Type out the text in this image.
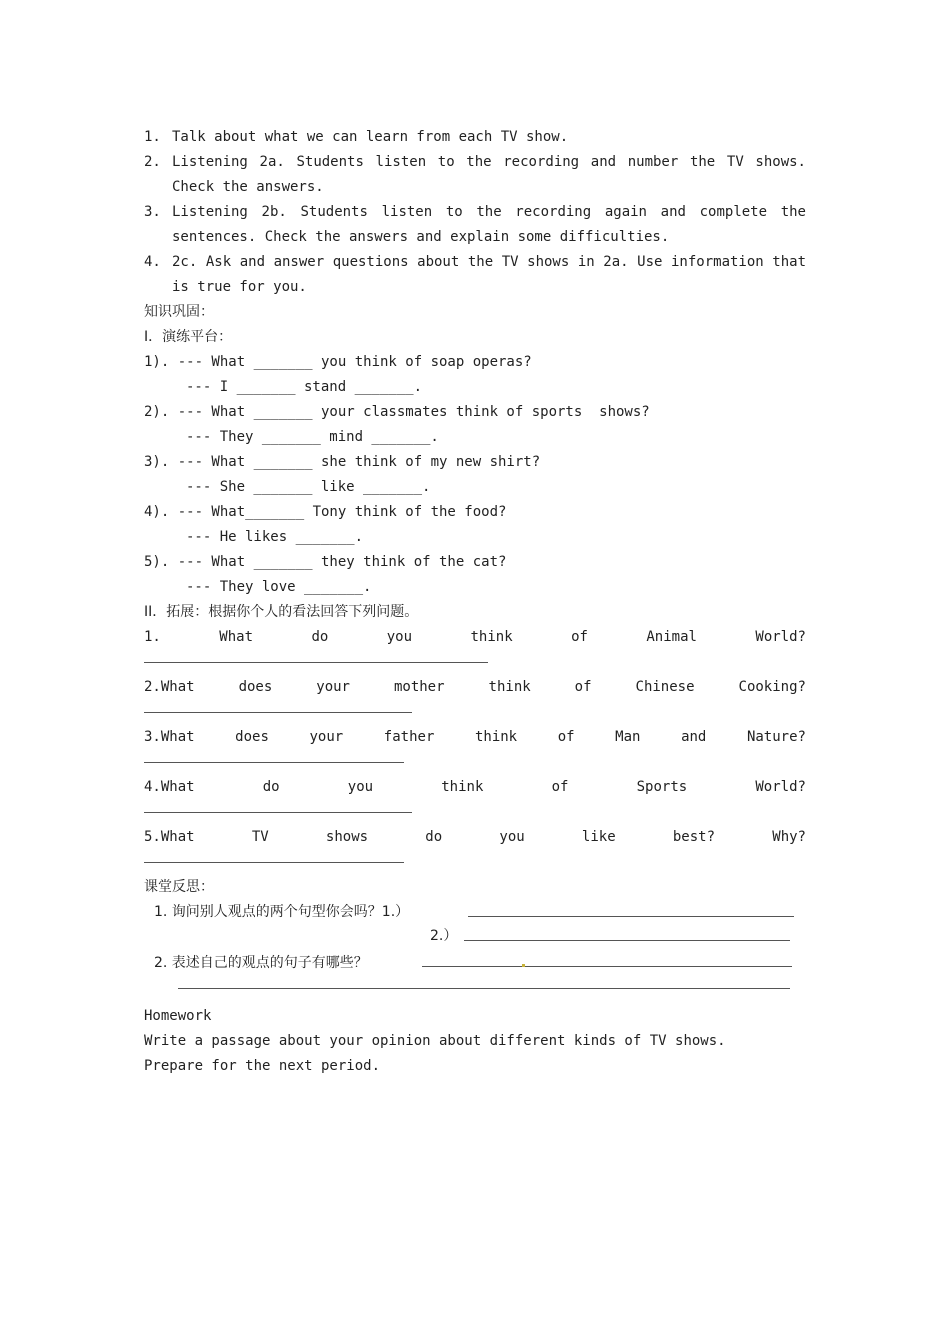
1. Talk about what we can learn from each TV show.
2. Listening 2a. Students listen to the recording and number the TV shows.
Check the answers.
3. Listening 2b. Students listen to the recording again and complete the
sentences. Check the answers and explain some difficulties.
4. 2c. Ask and answer questions about the TV shows in 2a. Use information that
is true for you.
知识巩固：
I．演练平台：
1). --- What _______ you think of soap operas?
--- I _______ stand _______.
2). --- What _______ your classmates think of sports  shows?
--- They _______ mind _______.
3). --- What _______ she think of my new shirt?
--- She _______ like _______.
4). --- What_______ Tony think of the food?
--- He likes _______.
5). --- What _______ they think of the cat?
--- They love _______.
II．拓展：根据你个人的看法回答下列问题。
1.	What	do	you	think	of	Animal	World?
2.What	does	your	mother	think	of	Chinese	Cooking?
3.What	does	your	father	think	of	Man	and	Nature?
4.What	do	you	think	of	Sports	World?
5.What	TV	shows	do	you	like	best?	Why?
课堂反思：
1. 询问别人观点的两个句型你会吗？1.）
2.）
2. 表述自己的观点的句子有哪些？
Homework
Write a passage about your opinion about different kinds of TV shows.
Prepare for the next period.
